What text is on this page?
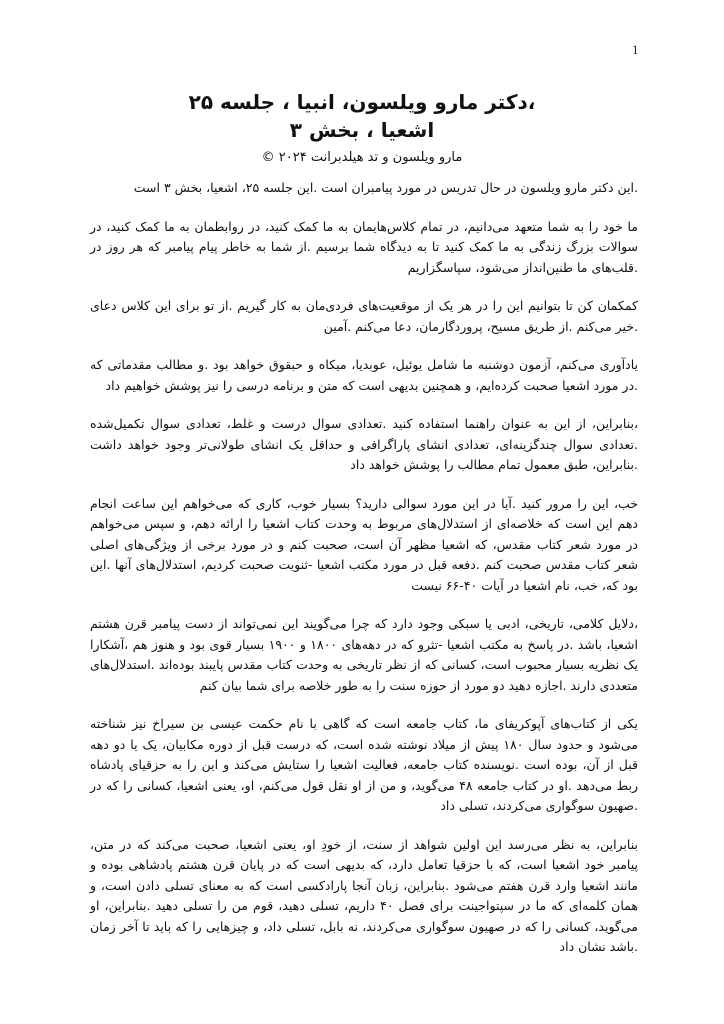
1

،دکتر مارو ویلسون، انبیا ، جلسه ۲۵

اشعیا ، بخش ۳

مارو ویلسون و تد هیلدبرانت ۲۰۲۴ ©

.این دکتر مارو ویلسون در حال تدریس در مورد پیامبران است .این جلسه ۲۵، اشعیا، بخش ۳ است

ما خود را به شما متعهد می‌دانیم، در تمام کلاس‌هایمان به ما کمک کنید، در روابطمان به ما کمک کنید، در سوالات بزرگ زندگی به ما کمک کنید تا به دیدگاه شما برسیم .از شما به خاطر پیام پیامبر که هر روز در .قلب‌های ما طنین‌انداز می‌شود، سپاسگزاریم

کمکمان کن تا بتوانیم این را در هر یک از موقعیت‌های فردی‌مان به کار گیریم .از تو برای این کلاس دعای .خیر می‌کنم .از طریق مسیح، پروردگارمان، دعا می‌کنم .آمین

یادآوری می‌کنم، آزمون دوشنبه ما شامل یوئیل، عوبدیا، میکاه و حبقوق خواهد بود .و مطالب مقدماتی که .در مورد اشعیا صحبت کرده‌ایم، و همچنین بدیهی است که متن و برنامه درسی را نیز پوشش خواهیم داد

،بنابراین، از این به عنوان راهنما استفاده کنید .تعدادی سوال درست و غلط، تعدادی سوال تکمیل‌شده .تعدادی سوال چندگزینه‌ای، تعدادی انشای پاراگرافی و حداقل یک انشای طولانی‌تر وجود خواهد داشت .بنابراین، طبق معمول تمام مطالب را پوشش خواهد داد

خب، این را مرور کنید .آیا در این مورد سوالی دارید؟ بسیار خوب، کاری که می‌خواهم این ساعت انجام دهم این است که خلاصه‌ای از استدلال‌های مربوط به وحدت کتاب اشعیا را ارائه دهم، و سپس می‌خواهم در مورد شعر کتاب مقدس، که اشعیا مظهر آن است، صحبت کنم و در مورد برخی از ویژگی‌های اصلی شعر کتاب مقدس صحبت کنم .دفعه قبل در مورد مکتب اشعیا -ثنویت صحبت کردیم، استدلال‌های آنها .این بود که، خب، نام اشعیا در آیات ۴۰-۶۶ نیست

،دلایل کلامی، تاریخی، ادبی یا سبکی وجود دارد که چرا می‌گویند این نمی‌تواند از دست پیامبر قرن هشتم اشعیا، باشد .در پاسخ به مکتب اشعیا -تثرو که در دهه‌های ۱۸۰۰ و ۱۹۰۰ بسیار قوی بود و هنوز هم ،آشکارا یک نظریه بسیار محبوب است، کسانی که از نظر تاریخی به وحدت کتاب مقدس پایبند بوده‌اند .استدلال‌های متعددی دارند .اجازه دهید دو مورد از حوزه سنت را به طور خلاصه برای شما بیان کنم

یکی از کتاب‌های آپوکریفای ما، کتاب جامعه است که گاهی با نام حکمت عیسی بن سیراخ نیز شناخته می‌شود و حدود سال ۱۸۰ پیش از میلاد نوشته شده است، که درست قبل از دوره مکابیان، یک یا دو دهه قبل از آن، بوده است .نویسنده کتاب جامعه، فعالیت اشعیا را ستایش می‌کند و این را به حزقیای پادشاه ربط می‌دهد .او در کتاب جامعه ۴۸ می‌گوید، و من از او نقل قول می‌کنم، او، یعنی اشعیا، کسانی را که در .صهیون سوگواری می‌کردند، تسلی داد

بنابراین، به نظر می‌رسد این اولین شواهد از سنت، از خودِ او، یعنی اشعیا، صحبت می‌کند که در متن، پیامبر خود اشعیا است، که با حزقیا تعامل دارد، که بدیهی است که در پایان قرن هشتم پادشاهی بوده و مانند اشعیا وارد قرن هفتم می‌شود .بنابراین، زبان آنجا پارادکسی است که به معنای تسلی دادن است، و همان کلمه‌ای که ما در سپتواجینت برای فصل ۴۰ داریم، تسلی دهید، قوم من را تسلی دهید .بنابراین، او می‌گوید، کسانی را که در صهیون سوگواری می‌کردند، نه بابل، تسلی داد، و چیزهایی را که باید تا آخر زمان .باشد نشان داد
